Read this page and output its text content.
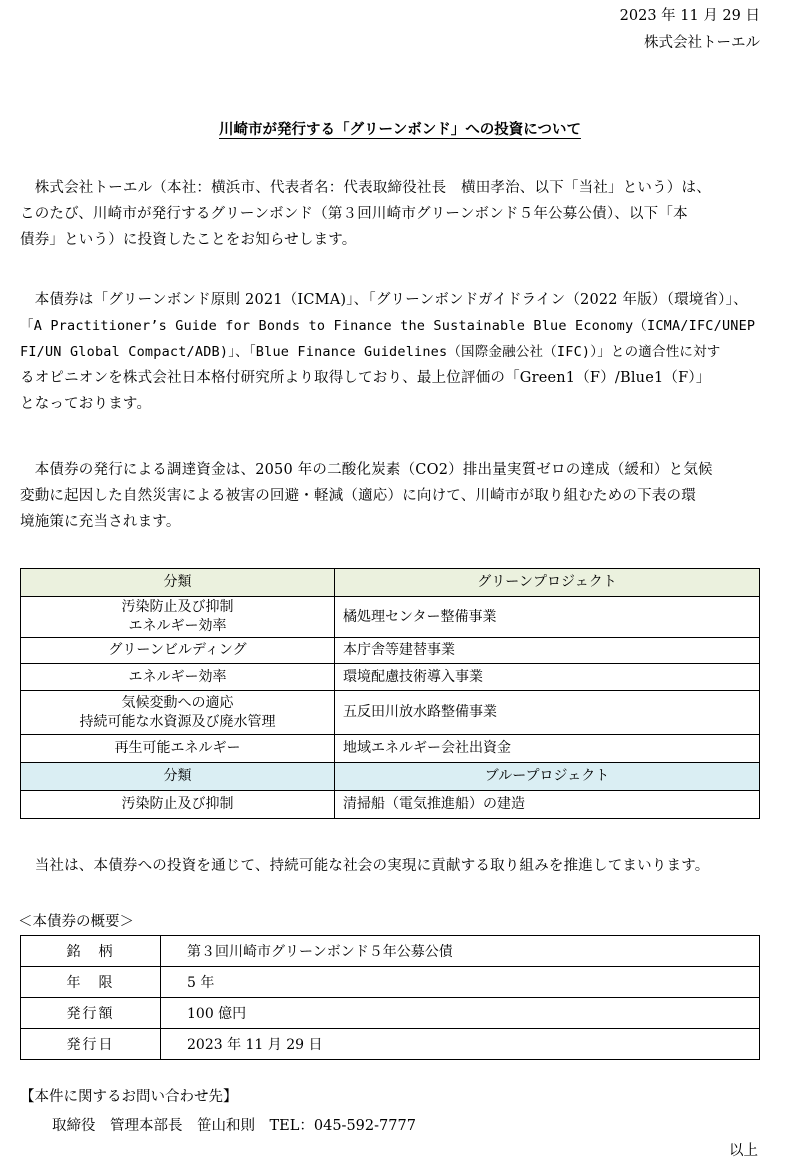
2023 年 11 月 29 日
株式会社トーエル
川崎市が発行する「グリーンボンド」への投資について
　株式会社トーエル（本社：横浜市、代表者名：代表取締役社長　横田孝治、以下「当社」という）は、
このたび、川崎市が発行するグリーンボンド（第３回川崎市グリーンボンド５年公募公債）、以下「本
債券」という）に投資したことをお知らせします。
　本債券は「グリーンボンド原則 2021（ICMA)」、「グリーンボンドガイドライン（2022 年版）（環境省）」、
「A Practitioner’s Guide for Bonds to Finance the Sustainable Blue Economy（ICMA/IFC/UNEP
FI/UN Global Compact/ADB)」、「Blue Finance Guidelines（国際金融公社（IFC)）」との適合性に対す
るオピニオンを株式会社日本格付研究所より取得しており、最上位評価の「Green1（F）/Blue1（F）」
となっております。
　本債券の発行による調達資金は、2050 年の二酸化炭素（CO2）排出量実質ゼロの達成（緩和）と気候
変動に起因した自然災害による被害の回避・軽減（適応）に向けて、川崎市が取り組むための下表の環
境施策に充当されます。
分類	グリーンプロジェクト

汚染防止及び抑制
エネルギー効率	橘処理センター整備事業

グリーンビルディング	本庁舎等建替事業

エネルギー効率	環境配慮技術導入事業

気候変動への適応
持続可能な水資源及び廃水管理	五反田川放水路整備事業

再生可能エネルギー	地域エネルギー会社出資金
分類	ブループロジェクト

汚染防止及び抑制	清掃船（電気推進船）の建造
　当社は、本債券への投資を通じて、持続可能な社会の実現に貢献する取り組みを推進してまいります。
＜本債券の概要＞
銘　柄	第３回川崎市グリーンボンド５年公募公債
年　限	5 年
発行額	100 億円
発行日	2023 年 11 月 29 日
【本件に関するお問い合わせ先】
取締役　管理本部長　笹山和則　TEL：045-592-7777
以上
